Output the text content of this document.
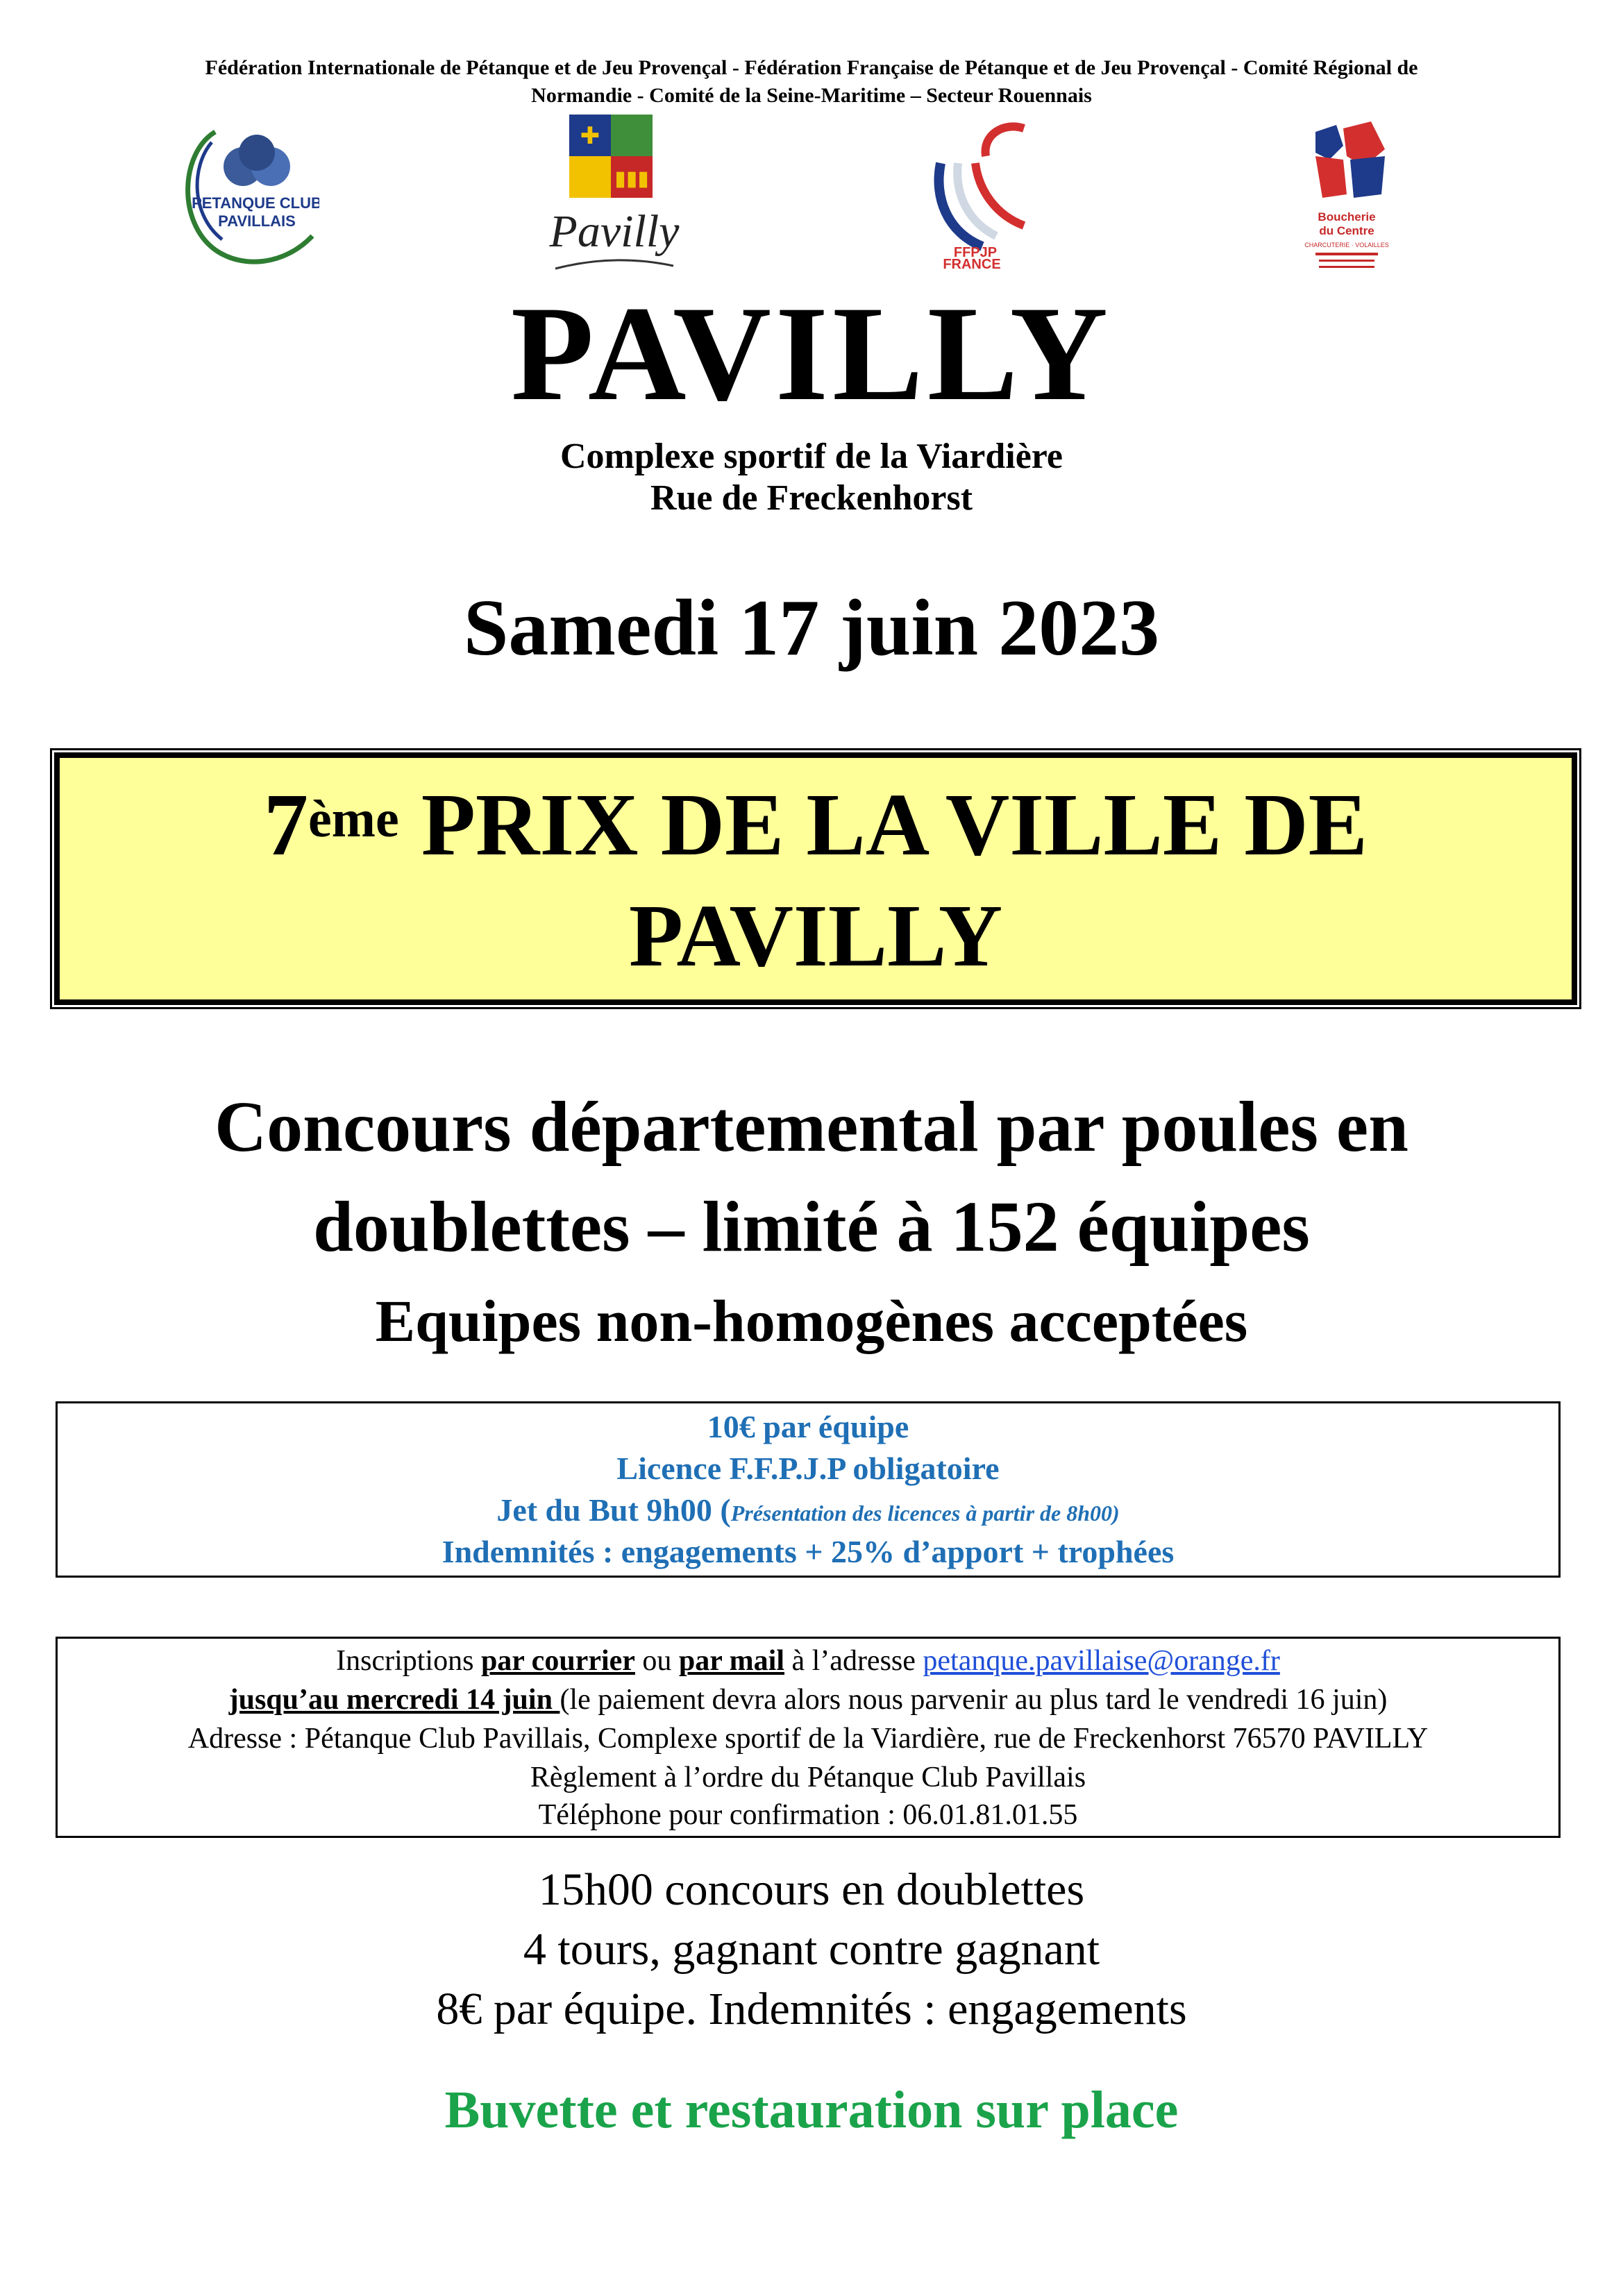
Fédération Internationale de Pétanque et de Jeu Provençal - Fédération Française de Pétanque et de Jeu Provençal - Comité Régional de
Normandie - Comité de la Seine-Maritime – Secteur Rouennais
PETANQUE CLUB
PAVILLAIS
✚
▮▮▮
Pavilly	FFPJP
FRANCE
Boucherie
du Centre
CHARCUTERIE · VOLAILLES
PAVILLY
Complexe sportif de la Viardière
Rue de Freckenhorst
Samedi 17 juin 2023
7ème PRIX DE LA VILLE DE
PAVILLY
Concours départemental par poules en
doublettes – limité à 152 équipes
Equipes non-homogènes acceptées
10€ par équipe
Licence F.F.P.J.P obligatoire
Jet du But 9h00 (Présentation des licences à partir de 8h00)
Indemnités : engagements + 25% d’apport + trophées
Inscriptions par courrier ou par mail à l’adresse petanque.pavillaise@orange.fr
jusqu’au mercredi 14 juin (le paiement devra alors nous parvenir au plus tard le vendredi 16 juin)
Adresse : Pétanque Club Pavillais, Complexe sportif de la Viardière, rue de Freckenhorst 76570 PAVILLY
Règlement à l’ordre du Pétanque Club Pavillais
Téléphone pour confirmation : 06.01.81.01.55
15h00 concours en doublettes
4 tours, gagnant contre gagnant
8€ par équipe. Indemnités : engagements
Buvette et restauration sur place
